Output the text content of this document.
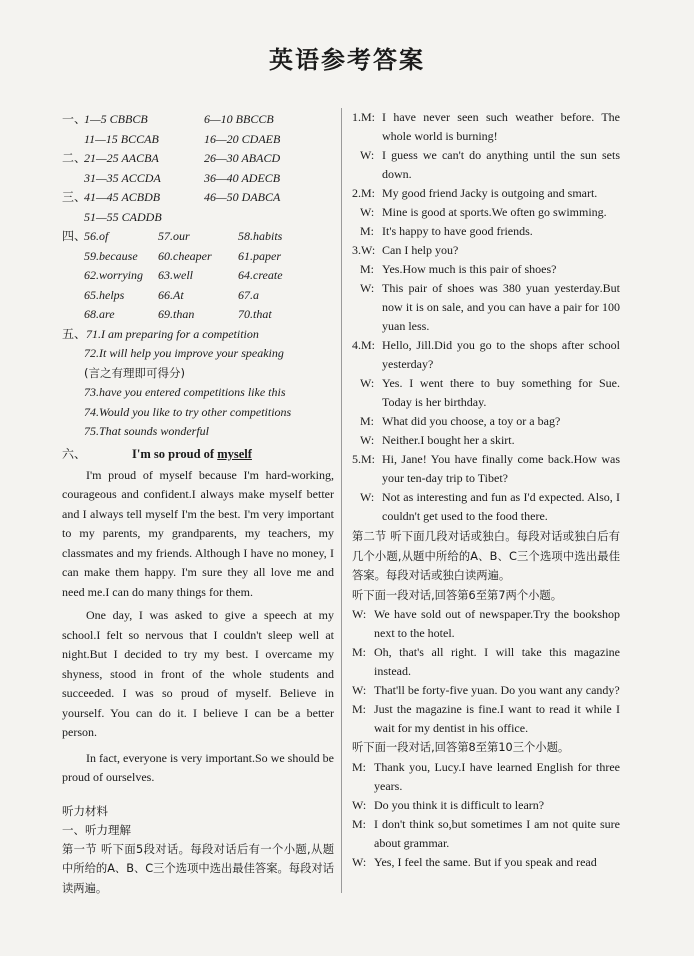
英语参考答案
一、
1—5 CBBCB	6—10 BBCCB
11—15 BCCAB	16—20 CDAEB
二、
21—25 AACBA	26—30 ABACD
31—35 ACCDA	36—40 ADECB
三、
41—45 ACBDB	46—50 DABCA
51—55 CADDB
四、
56.of	57.our	58.habits
59.because	60.cheaper	61.paper
62.worrying	63.well	64.create
65.helps	66.At	67.a
68.are	69.than	70.that
五、71.I am preparing for a competition
72.It will help you improve your speaking
(言之有理即可得分)
73.have you entered competitions like this
74.Would you like to try other competitions
75.That sounds wonderful
六、	I'm so proud of myself

I'm proud of myself because I'm hard-working, courageous and confident.I always make myself better and I always tell myself I'm the best. I'm very important to my parents, my grandparents, my teachers, my classmates and my friends. Although I have no money, I can make them happy. I'm sure they all love me and need me.I can do many things for them.

One day, I was asked to give a speech at my school.I felt so nervous that I couldn't sleep well at night.But I decided to try my best. I overcame my shyness, stood in front of the whole students and succeeded. I was so proud of myself. Believe in yourself. You can do it. I believe I can be a better person.

In fact, everyone is very important.So we should be proud of ourselves.

听力材料
一、听力理解
第一节 听下面5段对话。每段对话后有一个小题,从题中所给的A、B、C三个选项中选出最佳答案。每段对话读两遍。
1.M: I have never seen such weather before. The whole world is burning!
W: I guess we can't do anything until the sun sets down.
2.M: My good friend Jacky is outgoing and smart.
W: Mine is good at sports.We often go swimming.
M: It's happy to have good friends.
3.W: Can I help you?
M: Yes.How much is this pair of shoes?
W: This pair of shoes was 380 yuan yesterday.But now it is on sale, and you can have a pair for 100 yuan less.
4.M: Hello, Jill.Did you go to the shops after school yesterday?
W: Yes. I went there to buy something for Sue. Today is her birthday.
M: What did you choose, a toy or a bag?
W: Neither.I bought her a skirt.
5.M: Hi, Jane! You have finally come back.How was your ten-day trip to Tibet?
W: Not as interesting and fun as I'd expected. Also, I couldn't get used to the food there.
第二节 听下面几段对话或独白。每段对话或独白后有几个小题,从题中所给的A、B、C三个选项中选出最佳答案。每段对话或独白读两遍。
听下面一段对话,回答第6至第7两个小题。
W: We have sold out of newspaper.Try the bookshop next to the hotel.
M: Oh, that's all right. I will take this magazine instead.
W: That'll be forty-five yuan. Do you want any candy?
M: Just the magazine is fine.I want to read it while I wait for my dentist in his office.
听下面一段对话,回答第8至第10三个小题。
M: Thank you, Lucy.I have learned English for three years.
W: Do you think it is difficult to learn?
M: I don't think so,but sometimes I am not quite sure about grammar.
W: Yes, I feel the same. But if you speak and read
